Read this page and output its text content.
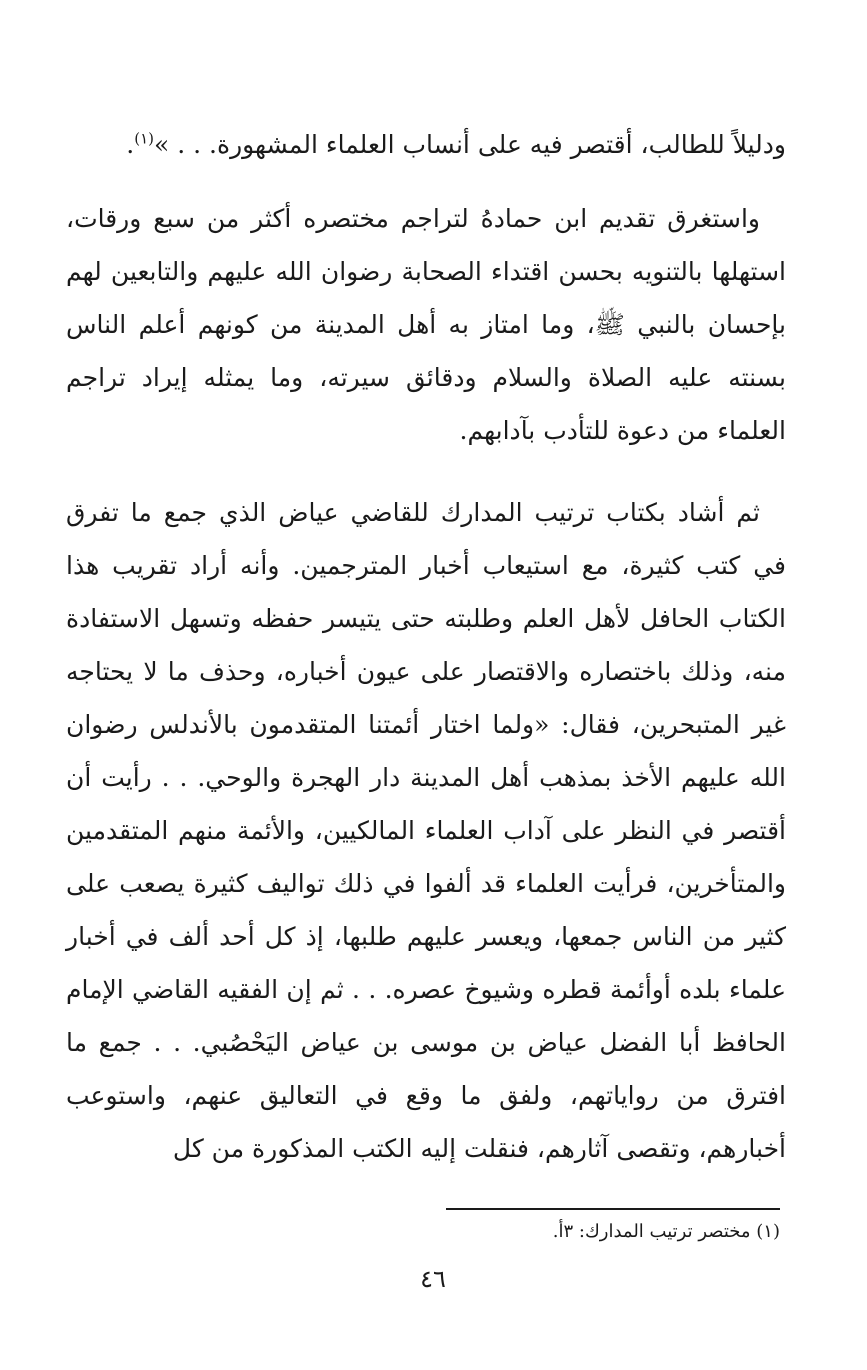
ودليلاً للطالب، أقتصر فيه على أنساب العلماء المشهورة. . . »$^{(١)}$.

واستغرق تقديم ابن حمادهُ لتراجم مختصره أكثر من سبع ورقات، استهلها بالتنويه بحسن اقتداء الصحابة رضوان الله عليهم والتابعين لهم بإحسان بالنبي ﷺ، وما امتاز به أهل المدينة من كونهم أعلم الناس بسنته عليه الصلاة والسلام ودقائق سيرته، وما يمثله إيراد تراجم العلماء من دعوة للتأدب بآدابهم.

ثم أشاد بكتاب ترتيب المدارك للقاضي عياض الذي جمع ما تفرق في كتب كثيرة، مع استيعاب أخبار المترجمين. وأنه أراد تقريب هذا الكتاب الحافل لأهل العلم وطلبته حتى يتيسر حفظه وتسهل الاستفادة منه، وذلك باختصاره والاقتصار على عيون أخباره، وحذف ما لا يحتاجه غير المتبحرين، فقال: «ولما اختار أئمتنا المتقدمون بالأندلس رضوان الله عليهم الأخذ بمذهب أهل المدينة دار الهجرة والوحي. . . رأيت أن أقتصر في النظر على آداب العلماء المالكيين، والأئمة منهم المتقدمين والمتأخرين، فرأيت العلماء قد ألفوا في ذلك تواليف كثيرة يصعب على كثير من الناس جمعها، ويعسر عليهم طلبها، إذ كل أحد ألف في أخبار علماء بلده أوأئمة قطره وشيوخ عصره. . . ثم إن الفقيه القاضي الإمام الحافظ أبا الفضل عياض بن موسى بن عياض اليَحْصُبي. . . جمع ما افترق من رواياتهم، ولفق ما وقع في التعاليق عنهم، واستوعب أخبارهم، وتقصى آثارهم، فنقلت إليه الكتب المذكورة من كل

(١) مختصر ترتيب المدارك: ٣أ.
٤٦
